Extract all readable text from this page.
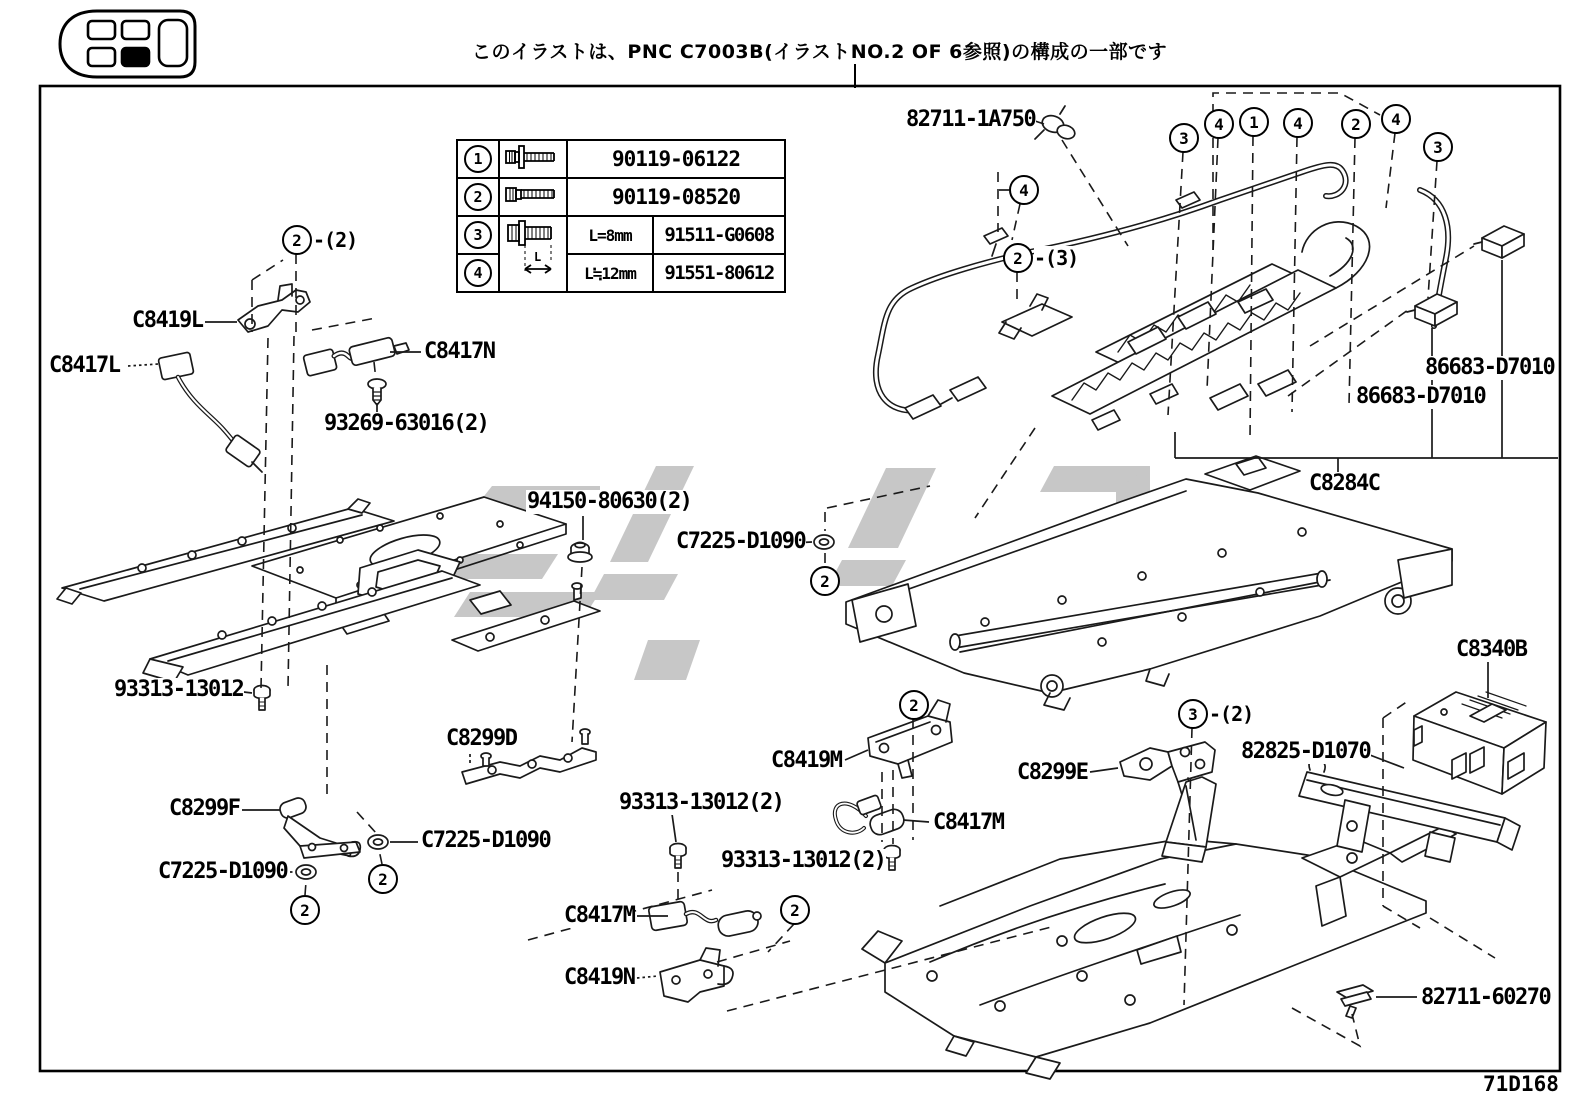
このイラストは、PNC C7003B(イラストNO.2 OF 6参照)の構成の一部です
1		90119-06122	

2		90119-08520	

3	L	L=8mm	91511-G0608

4		L≒12mm	91551-80612
C8419L
C8417L
C8417N
93269-63016(2)
94150-80630(2)
C7225-D1090
93313-13012
C8299D
C8299F
C7225-D1090
C7225-D1090
93313-13012(2)
93313-13012(2)
C8419M
C8417M
C8299E
C8417M
C8419N
82711-1A750
86683-D7010
86683-D7010
C8284C
C8340B
82825-D1070
82711-60270
2 -(2)
4
2 -(3)
3
4	1	4	2	4
3
2
2	3 -(2)
2
2	2
71D168
